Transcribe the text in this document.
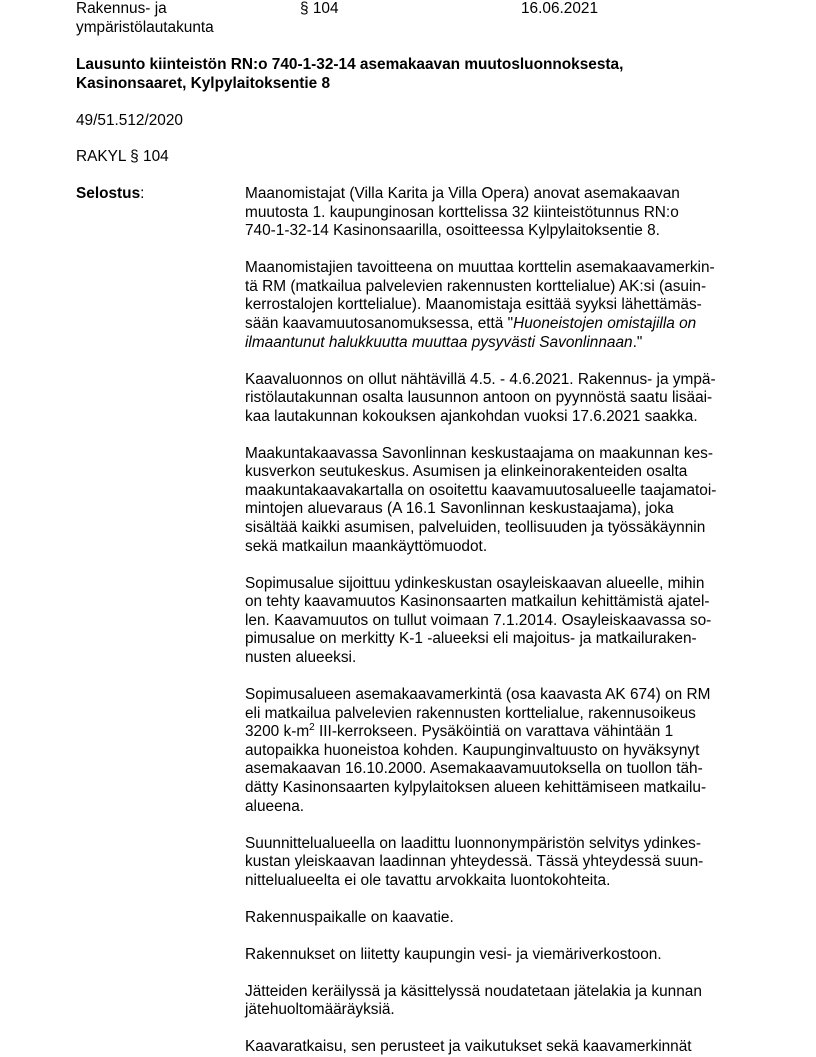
Rakennus- ja
ympäristölautakunta
§ 104	16.06.2021
Lausunto kiinteistön RN:o 740-1-32-14 asemakaavan muutosluonnoksesta,
Kasinonsaaret, Kylpylaitoksentie 8
49/51.512/2020
RAKYL § 104
Selostus:	Maanomistajat (Villa Karita ja Villa Opera) anovat asemakaavan
muutosta 1. kaupunginosan korttelissa 32 kiinteistötunnus RN:o
740-1-32-14 Kasinonsaarilla, osoitteessa Kylpylaitoksentie 8.

Maanomistajien tavoitteena on muuttaa korttelin asemakaavamerkin-
tä RM (matkailua palvelevien rakennusten korttelialue) AK:si (asuin-
kerrostalojen korttelialue). Maanomistaja esittää syyksi lähettämäs-
sään kaavamuutosanomuksessa, että "Huoneistojen omistajilla on
ilmaantunut halukkuutta muuttaa pysyvästi Savonlinnaan."

Kaavaluonnos on ollut nähtävillä 4.5. - 4.6.2021. Rakennus- ja ympä-
ristölautakunnan osalta lausunnon antoon on pyynnöstä saatu lisäai-
kaa lautakunnan kokouksen ajankohdan vuoksi 17.6.2021 saakka.

Maakuntakaavassa Savonlinnan keskustaajama on maakunnan kes-
kusverkon seutukeskus. Asumisen ja elinkeinorakenteiden osalta
maakuntakaavakartalla on osoitettu kaavamuutosalueelle taajamatoi-
mintojen aluevaraus (A 16.1 Savonlinnan keskustaajama), joka
sisältää kaikki asumisen, palveluiden, teollisuuden ja työssäkäynnin
sekä matkailun maankäyttömuodot.

Sopimusalue sijoittuu ydinkeskustan osayleiskaavan alueelle, mihin
on tehty kaavamuutos Kasinonsaarten matkailun kehittämistä ajatel-
len. Kaavamuutos on tullut voimaan 7.1.2014. Osayleiskaavassa so-
pimusalue on merkitty K-1 -alueeksi eli majoitus- ja matkailuraken-
nusten alueeksi.

Sopimusalueen asemakaavamerkintä (osa kaavasta AK 674) on RM
eli matkailua palvelevien rakennusten korttelialue, rakennusoikeus
3200 $k-m^2$ III-kerrokseen. Pysäköintiä on varattava vähintään 1
autopaikka huoneistoa kohden. Kaupunginvaltuusto on hyväksynyt
asemakaavan 16.10.2000. Asemakaavamuutoksella on tuollon täh-
dätty Kasinonsaarten kylpylaitoksen alueen kehittämiseen matkailu-
alueena.

Suunnittelualueella on laadittu luonnonympäristön selvitys ydinkes-
kustan yleiskaavan laadinnan yhteydessä. Tässä yhteydessä suun-
nittelualueelta ei ole tavattu arvokkaita luontokohteita.

Rakennuspaikalle on kaavatie.

Rakennukset on liitetty kaupungin vesi- ja viemäriverkostoon.

Jätteiden keräilyssä ja käsittelyssä noudatetaan jätelakia ja kunnan
jätehuoltomääräyksiä.

Kaavaratkaisu, sen perusteet ja vaikutukset sekä kaavamerkinnät
